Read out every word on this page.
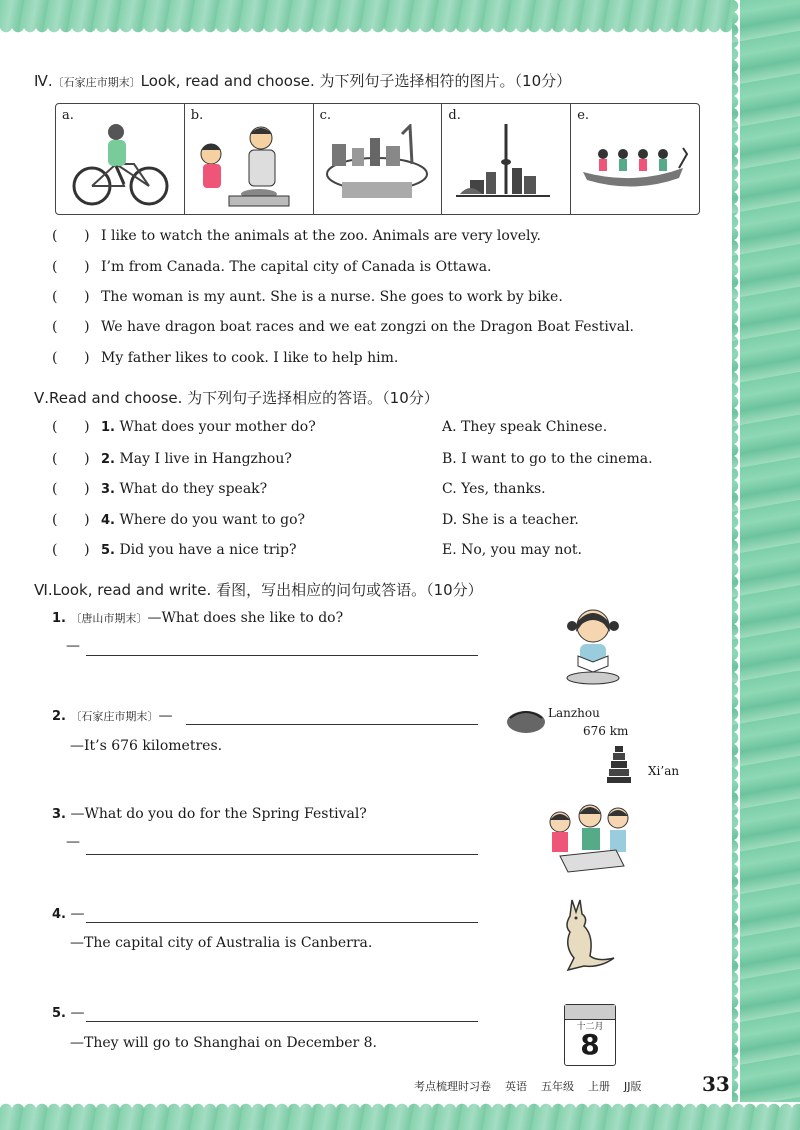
Ⅳ.〔石家庄市期末〕Look, read and choose. 为下列句子选择相符的图片。（10分）
a.	b.	c.	d.	e.
(      ) I like to watch the animals at the zoo. Animals are very lovely.
(      ) I’m from Canada. The capital city of Canada is Ottawa.
(      ) The woman is my aunt. She is a nurse. She goes to work by bike.
(      ) We have dragon boat races and we eat zongzi on the Dragon Boat Festival.
(      ) My father likes to cook. I like to help him.
Ⅴ.Read and choose. 为下列句子选择相应的答语。（10分）
(      ) 1. What does your mother do?	A. They speak Chinese.
(      ) 2. May I live in Hangzhou?	B. I want to go to the cinema.
(      ) 3. What do they speak?	C. Yes, thanks.
(      ) 4. Where do you want to go?	D. She is a teacher.
(      ) 5. Did you have a nice trip?	E. No, you may not.
Ⅵ.Look, read and write. 看图，写出相应的问句或答语。（10分）
1. 〔唐山市期末〕—What does she like to do?
—
2. 〔石家庄市期末〕—
—It’s 676 kilometres.
Lanzhou
676 km
Xi’an
3. —What do you do for the Spring Festival?
—
4. —
—The capital city of Australia is Canberra.
5. —
—They will go to Shanghai on December 8.
十二月
8
考点梳理时习卷 英语 五年级 上册 JJ版	33
